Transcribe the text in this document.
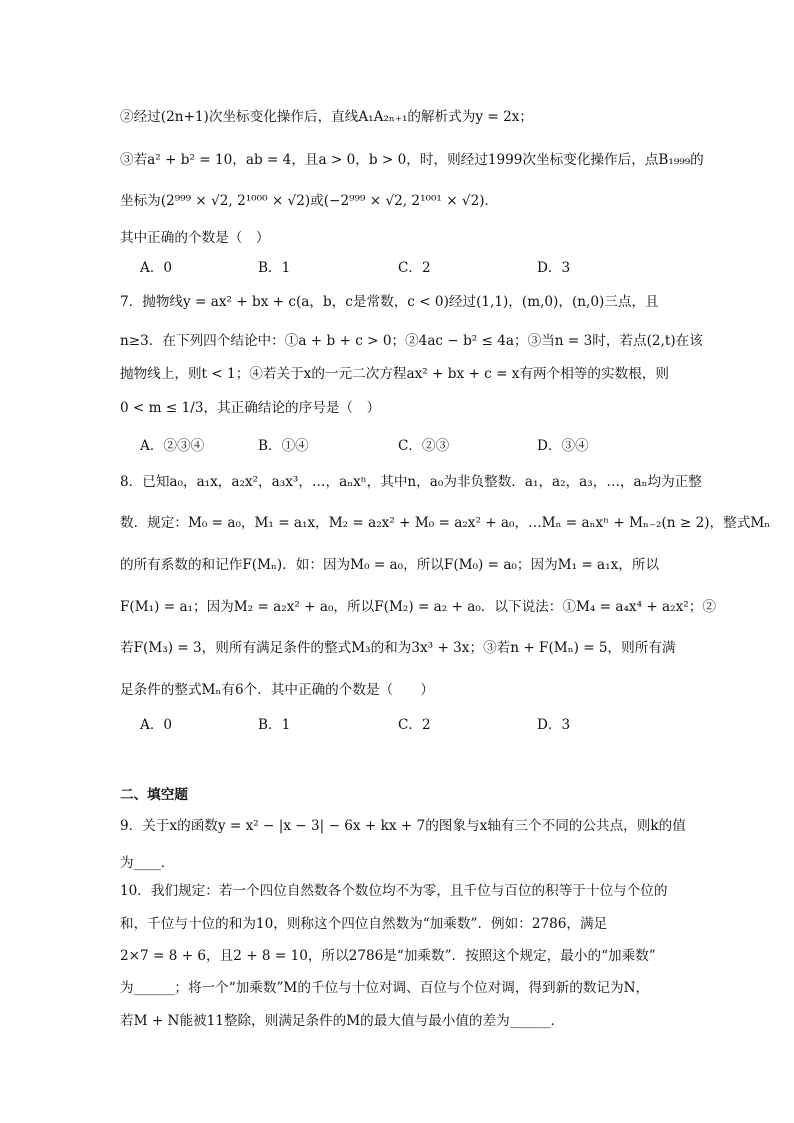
②经过(2n+1)次坐标变化操作后，直线A₁A₂ₙ₊₁的解析式为y = 2x；
③若a² + b² = 10，ab = 4，且a > 0，b > 0，时，则经过1999次坐标变化操作后，点B₁₉₉₉的
坐标为(2⁹⁹⁹ × √2, 2¹⁰⁰⁰ × √2)或(−2⁹⁹⁹ × √2, 2¹⁰⁰¹ × √2)．
其中正确的个数是（　）
A．0	B．1	C．2	D．3
7．抛物线y = ax² + bx + c(a，b，c是常数，c < 0)经过(1,1)，(m,0)，(n,0)三点，且
n≥3．在下列四个结论中：①a + b + c > 0；②4ac − b² ≤ 4a；③当n = 3时，若点(2,t)在该
抛物线上，则t < 1；④若关于x的一元二次方程ax² + bx + c = x有两个相等的实数根，则
0 < m ≤ 1/3，其正确结论的序号是（　）
A．②③④	B．①④	C．②③	D．③④
8．已知a₀，a₁x，a₂x²，a₃x³，…，aₙxⁿ，其中n，a₀为非负整数．a₁，a₂，a₃，…，aₙ均为正整
数．规定：M₀ = a₀，M₁ = a₁x，M₂ = a₂x² + M₀ = a₂x² + a₀，…Mₙ = aₙxⁿ + Mₙ₋₂(n ≥ 2)，整式Mₙ
的所有系数的和记作F(Mₙ)．如：因为M₀ = a₀，所以F(M₀) = a₀；因为M₁ = a₁x，所以
F(M₁) = a₁；因为M₂ = a₂x² + a₀，所以F(M₂) = a₂ + a₀．以下说法：①M₄ = a₄x⁴ + a₂x²；②
若F(M₃) = 3，则所有满足条件的整式M₃的和为3x³ + 3x；③若n + F(Mₙ) = 5，则所有满
足条件的整式Mₙ有6个．其中正确的个数是（　　）
A．0	B．1	C．2	D．3
二、填空题
9．关于x的函数y = x² − |x − 3| − 6x + kx + 7的图象与x轴有三个不同的公共点，则k的值
为____．
10．我们规定：若一个四位自然数各个数位均不为零，且千位与百位的积等于十位与个位的
和，千位与十位的和为10，则称这个四位自然数为“加乘数”．例如：2786，满足
2×7 = 8 + 6，且2 + 8 = 10，所以2786是“加乘数”．按照这个规定，最小的“加乘数”
为______；将一个“加乘数”M的千位与十位对调、百位与个位对调，得到新的数记为N，
若M + N能被11整除，则满足条件的M的最大值与最小值的差为______．
